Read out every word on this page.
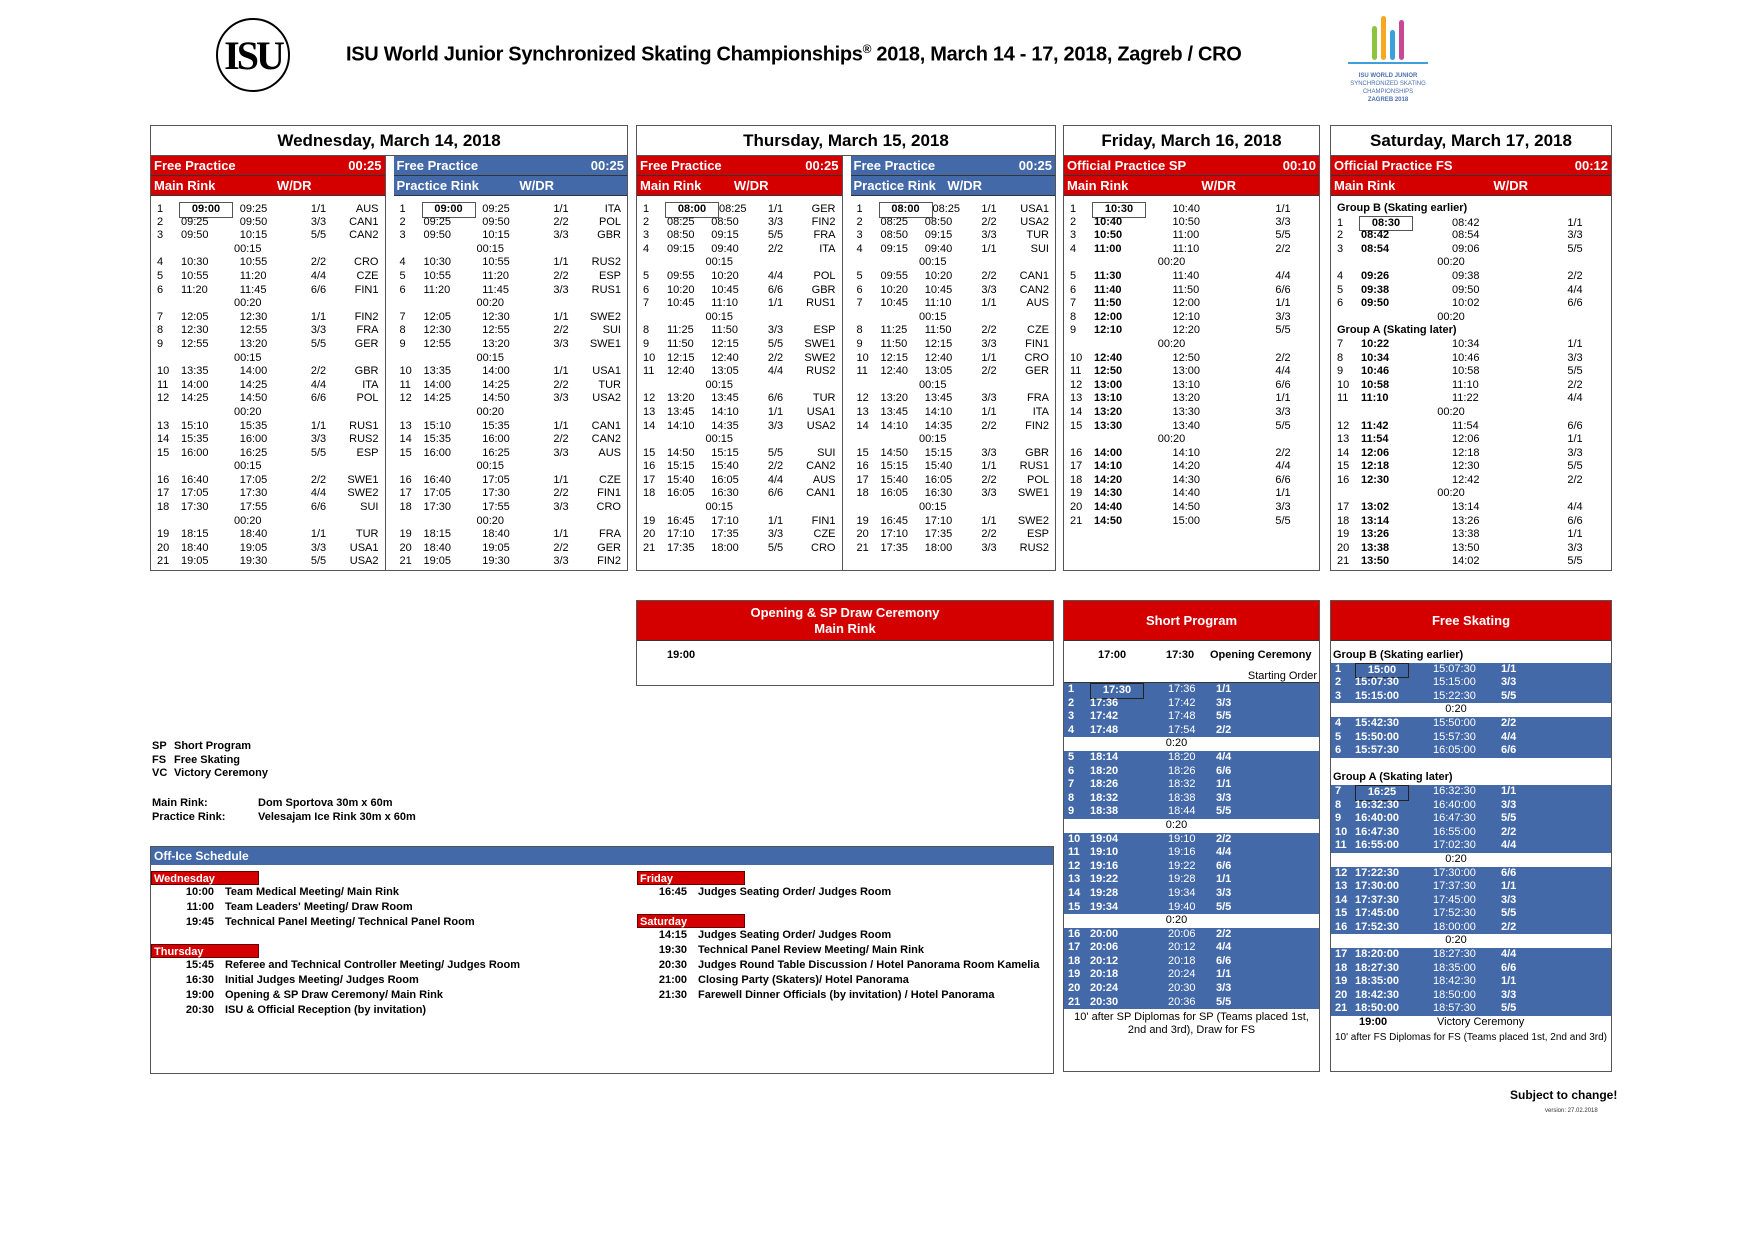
ISU	ISU World Junior Synchronized Skating Championships® 2018, March 14 - 17, 2018, Zagreb / CRO
ISU WORLD JUNIOR
SYNCHRONIZED SKATING
CHAMPIONSHIPS
ZAGREB 2018
Wednesday, March 14, 2018
Free Practice	00:25
Main Rink	W/DR
1	09:00	09:25	1/1	AUS
2	09:25	09:50	3/3	CAN1
3	09:50	10:15	5/5	CAN2
00:15
4	10:30	10:55	2/2	CRO
5	10:55	11:20	4/4	CZE
6	11:20	11:45	6/6	FIN1
00:20
7	12:05	12:30	1/1	FIN2
8	12:30	12:55	3/3	FRA
9	12:55	13:20	5/5	GER
00:15
10	13:35	14:00	2/2	GBR
11	14:00	14:25	4/4	ITA
12	14:25	14:50	6/6	POL
00:20
13	15:10	15:35	1/1	RUS1
14	15:35	16:00	3/3	RUS2
15	16:00	16:25	5/5	ESP
00:15
16	16:40	17:05	2/2	SWE1
17	17:05	17:30	4/4	SWE2
18	17:30	17:55	6/6	SUI
00:20
19	18:15	18:40	1/1	TUR
20	18:40	19:05	3/3	USA1
21	19:05	19:30	5/5	USA2
Free Practice	00:25
Practice Rink	W/DR
1	09:00	09:25	1/1	ITA
2	09:25	09:50	2/2	POL
3	09:50	10:15	3/3	GBR
00:15
4	10:30	10:55	1/1	RUS2
5	10:55	11:20	2/2	ESP
6	11:20	11:45	3/3	RUS1
00:20
7	12:05	12:30	1/1	SWE2
8	12:30	12:55	2/2	SUI
9	12:55	13:20	3/3	SWE1
00:15
10	13:35	14:00	1/1	USA1
11	14:00	14:25	2/2	TUR
12	14:25	14:50	3/3	USA2
00:20
13	15:10	15:35	1/1	CAN1
14	15:35	16:00	2/2	CAN2
15	16:00	16:25	3/3	AUS
00:15
16	16:40	17:05	1/1	CZE
17	17:05	17:30	2/2	FIN1
18	17:30	17:55	3/3	CRO
00:20
19	18:15	18:40	1/1	FRA
20	18:40	19:05	2/2	GER
21	19:05	19:30	3/3	FIN2
Thursday, March 15, 2018
Free Practice	00:25
Main Rink W/DR
1	08:00	08:25	1/1	GER
2	08:25	08:50	3/3	FIN2
3	08:50	09:15	5/5	FRA
4	09:15	09:40	2/2	ITA
00:15
5	09:55	10:20	4/4	POL
6	10:20	10:45	6/6	GBR
7	10:45	11:10	1/1	RUS1
00:15
8	11:25	11:50	3/3	ESP
9	11:50	12:15	5/5	SWE1
10	12:15	12:40	2/2	SWE2
11	12:40	13:05	4/4	RUS2
00:15
12	13:20	13:45	6/6	TUR
13	13:45	14:10	1/1	USA1
14	14:10	14:35	3/3	USA2
00:15
15	14:50	15:15	5/5	SUI
16	15:15	15:40	2/2	CAN2
17	15:40	16:05	4/4	AUS
18	16:05	16:30	6/6	CAN1
00:15
19	16:45	17:10	1/1	FIN1
20	17:10	17:35	3/3	CZE
21	17:35	18:00	5/5	CRO
Free Practice	00:25
Practice Rink W/DR
1	08:00	08:25	1/1	USA1
2	08:25	08:50	2/2	USA2
3	08:50	09:15	3/3	TUR
4	09:15	09:40	1/1	SUI
00:15
5	09:55	10:20	2/2	CAN1
6	10:20	10:45	3/3	CAN2
7	10:45	11:10	1/1	AUS
00:15
8	11:25	11:50	2/2	CZE
9	11:50	12:15	3/3	FIN1
10	12:15	12:40	1/1	CRO
11	12:40	13:05	2/2	GER
00:15
12	13:20	13:45	3/3	FRA
13	13:45	14:10	1/1	ITA
14	14:10	14:35	2/2	FIN2
00:15
15	14:50	15:15	3/3	GBR
16	15:15	15:40	1/1	RUS1
17	15:40	16:05	2/2	POL
18	16:05	16:30	3/3	SWE1
00:15
19	16:45	17:10	1/1	SWE2
20	17:10	17:35	2/2	ESP
21	17:35	18:00	3/3	RUS2
Friday, March 16, 2018
Official Practice SP	00:10
Main Rink	W/DR
1	10:30	10:40	1/1
2	10:40	10:50	3/3
3	10:50	11:00	5/5
4	11:00	11:10	2/2
00:20
5	11:30	11:40	4/4
6	11:40	11:50	6/6
7	11:50	12:00	1/1
8	12:00	12:10	3/3
9	12:10	12:20	5/5
00:20
10	12:40	12:50	2/2
11	12:50	13:00	4/4
12	13:00	13:10	6/6
13	13:10	13:20	1/1
14	13:20	13:30	3/3
15	13:30	13:40	5/5
00:20
16	14:00	14:10	2/2
17	14:10	14:20	4/4
18	14:20	14:30	6/6
19	14:30	14:40	1/1
20	14:40	14:50	3/3
21	14:50	15:00	5/5
Saturday, March 17, 2018
Official Practice FS	00:12
Main Rink	W/DR
Group B (Skating earlier)
1	08:30	08:42	1/1
2	08:42	08:54	3/3
3	08:54	09:06	5/5
00:20
4	09:26	09:38	2/2
5	09:38	09:50	4/4
6	09:50	10:02	6/6
00:20
Group A (Skating later)
7	10:22	10:34	1/1
8	10:34	10:46	3/3
9	10:46	10:58	5/5
10	10:58	11:10	2/2
11	11:10	11:22	4/4
00:20
12	11:42	11:54	6/6
13	11:54	12:06	1/1
14	12:06	12:18	3/3
15	12:18	12:30	5/5
16	12:30	12:42	2/2
00:20
17	13:02	13:14	4/4
18	13:14	13:26	6/6
19	13:26	13:38	1/1
20	13:38	13:50	3/3
21	13:50	14:02	5/5
Opening & SP Draw Ceremony
Main Rink
19:00
Short Program
17:00	17:30	Opening Ceremony
Starting Order
1	17:30	17:36	1/1
2	17:36	17:42	3/3
3	17:42	17:48	5/5
4	17:48	17:54	2/2
0:20
5	18:14	18:20	4/4
6	18:20	18:26	6/6
7	18:26	18:32	1/1
8	18:32	18:38	3/3
9	18:38	18:44	5/5
0:20
10 19:04	19:10	2/2
11 19:10	19:16	4/4
12 19:16	19:22	6/6
13 19:22	19:28	1/1
14 19:28	19:34	3/3
15 19:34	19:40	5/5
0:20
16 20:00	20:06	2/2
17 20:06	20:12	4/4
18 20:12	20:18	6/6
19 20:18	20:24	1/1
20 20:24	20:30	3/3
21 20:30	20:36	5/5
10' after SP Diplomas for SP (Teams placed 1st, 2nd and 3rd), Draw for FS
Free Skating
Group B (Skating earlier)
1	15:00	15:07:30	1/1
2	15:07:30	15:15:00	3/3
3	15:15:00	15:22:30	5/5
0:20
4	15:42:30	15:50:00	2/2
5	15:50:00	15:57:30	4/4
6	15:57:30	16:05:00	6/6
Group A (Skating later)
7	16:25	16:32:30	1/1
8	16:32:30	16:40:00	3/3
9	16:40:00	16:47:30	5/5
10 16:47:30	16:55:00	2/2
11 16:55:00	17:02:30	4/4
0:20
12 17:22:30	17:30:00	6/6
13 17:30:00	17:37:30	1/1
14 17:37:30	17:45:00	3/3
15 17:45:00	17:52:30	5/5
16 17:52:30	18:00:00	2/2
0:20
17 18:20:00	18:27:30	4/4
18 18:27:30	18:35:00	6/6
19 18:35:00	18:42:30	1/1
20 18:42:30	18:50:00	3/3
21 18:50:00	18:57:30	5/5
19:00	Victory Ceremony
10' after FS Diplomas for FS (Teams placed 1st, 2nd and 3rd)
SP Short Program
FS Free Skating
VC Victory Ceremony
Main Rink:	Dom Sportova 30m x 60m
Practice Rink:	Velesajam Ice Rink 30m x 60m
Off-Ice Schedule
Wednesday
10:00 Team Medical Meeting/ Main Rink
11:00 Team Leaders' Meeting/ Draw Room
19:45 Technical Panel Meeting/ Technical Panel Room
Thursday
15:45 Referee and Technical Controller Meeting/ Judges Room
16:30 Initial Judges Meeting/ Judges Room
19:00 Opening & SP Draw Ceremony/ Main Rink
20:30 ISU & Official Reception (by invitation)
Friday
16:45 Judges Seating Order/ Judges Room
Saturday
14:15 Judges Seating Order/ Judges Room
19:30 Technical Panel Review Meeting/ Main Rink
20:30 Judges Round Table Discussion / Hotel Panorama Room Kamelia
21:00 Closing Party (Skaters)/ Hotel Panorama
21:30 Farewell Dinner Officials (by invitation) / Hotel Panorama
Subject to change!
version: 27.02.2018
